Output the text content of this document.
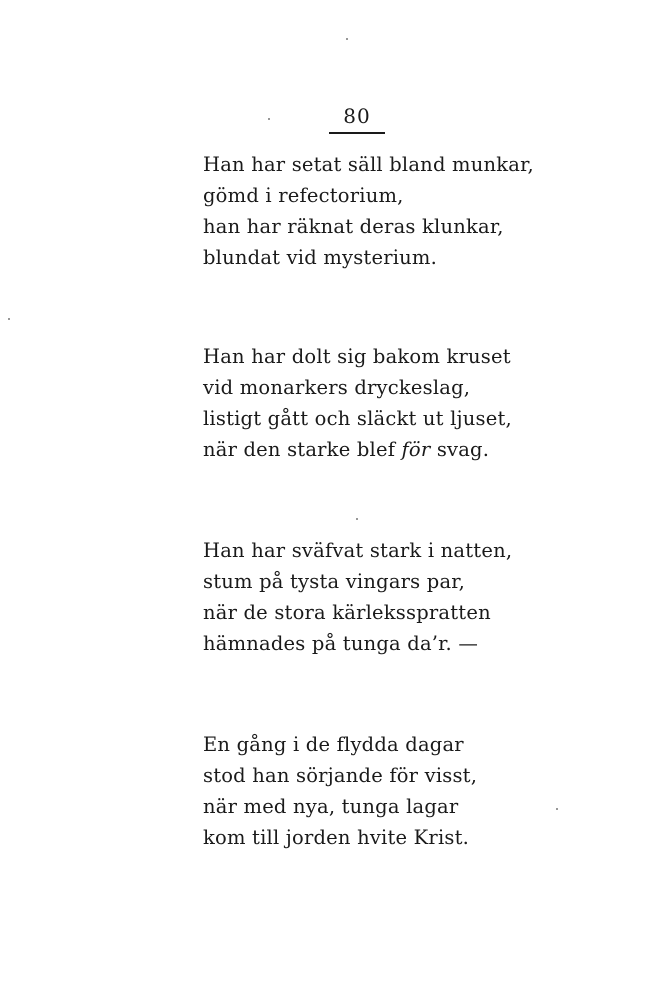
80
Han har setat säll bland munkar,
gömd i refectorium,
han har räknat deras klunkar,
blundat vid mysterium.
Han har dolt sig bakom kruset
vid monarkers dryckeslag,
listigt gått och släckt ut ljuset,
när den starke blef för svag.
Han har sväfvat stark i natten,
stum på tysta vingars par,
när de stora kärleksspratten
hämnades på tunga da’r. —
En gång i de flydda dagar
stod han sörjande för visst,
när med nya, tunga lagar
kom till jorden hvite Krist.
